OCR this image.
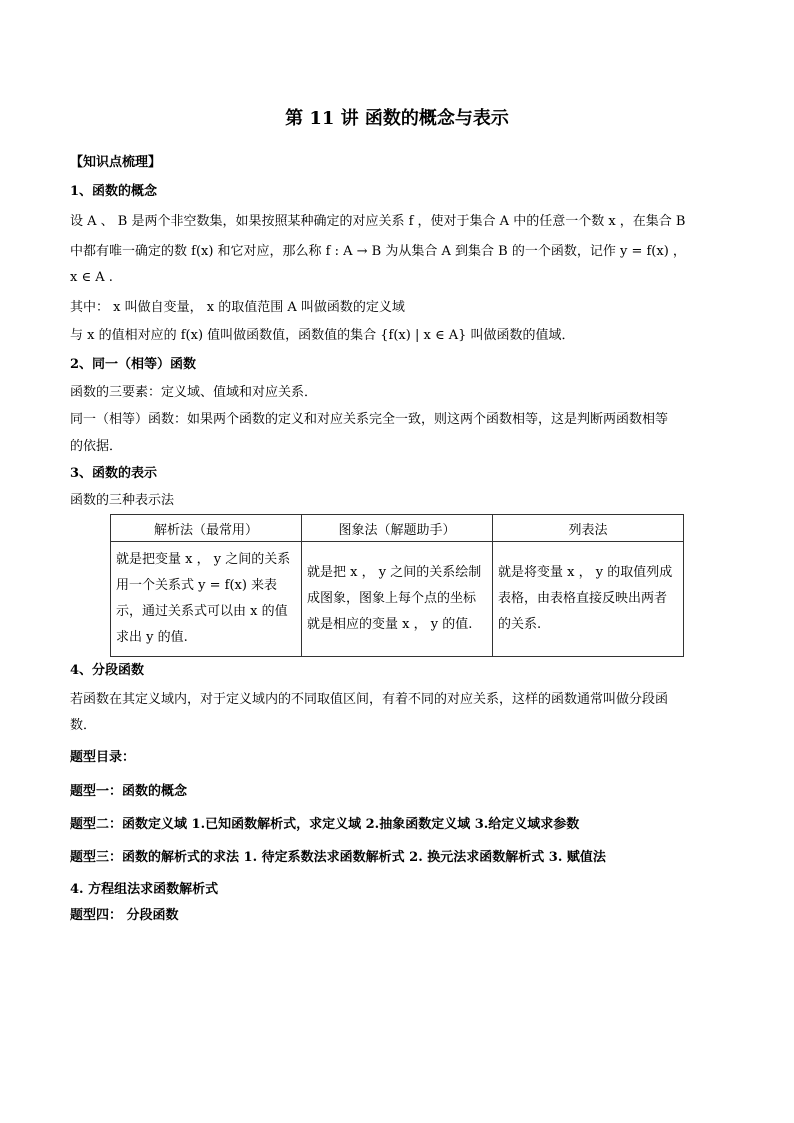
第 11 讲 函数的概念与表示
【知识点梳理】
1、函数的概念
设 A 、 B 是两个非空数集，如果按照某种确定的对应关系 f ，使对于集合 A 中的任意一个数 x ，在集合 B
中都有唯一确定的数 f(x) 和它对应，那么称 f : A → B 为从集合 A 到集合 B 的一个函数，记作 y = f(x) ，
x ∈ A .
其中： x 叫做自变量， x 的取值范围 A 叫做函数的定义域
与 x 的值相对应的 f(x) 值叫做函数值，函数值的集合 {f(x) | x ∈ A} 叫做函数的值域．
2、同一（相等）函数
函数的三要素：定义域、值域和对应关系．
同一（相等）函数：如果两个函数的定义和对应关系完全一致，则这两个函数相等，这是判断两函数相等
的依据．
3、函数的表示
函数的三种表示法
解析法（最常用）	图象法（解题助手）	列表法
就是把变量 x ， y 之间的关系用一个关系式 y = f(x) 来表示，通过关系式可以由 x 的值求出 y 的值.	就是把 x ， y 之间的关系绘制成图象，图象上每个点的坐标就是相应的变量 x ， y 的值.	就是将变量 x ， y 的取值列成表格，由表格直接反映出两者的关系.
4、分段函数
若函数在其定义域内，对于定义域内的不同取值区间，有着不同的对应关系，这样的函数通常叫做分段函
数．
题型目录：
题型一：函数的概念
题型二：函数定义域 1.已知函数解析式，求定义域 2.抽象函数定义域 3.给定义域求参数
题型三：函数的解析式的求法 1. 待定系数法求函数解析式 2. 换元法求函数解析式 3. 赋值法
4. 方程组法求函数解析式
题型四： 分段函数
